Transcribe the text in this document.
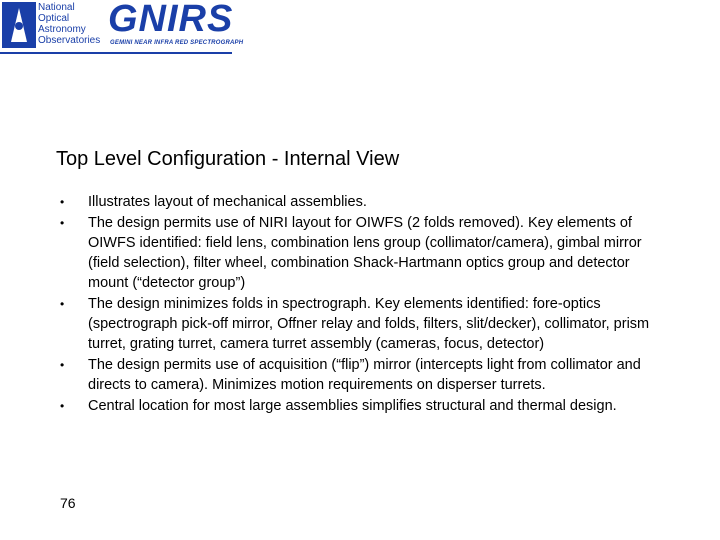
National
Optical
Astronomy
Observatories
GNIRS
GEMINI NEAR INFRA RED SPECTROGRAPH
Top Level Configuration - Internal View
• Illustrates layout of mechanical assemblies.
• The design permits use of NIRI layout for OIWFS (2 folds removed). Key elements of OIWFS identified: field lens, combination lens group (collimator/camera), gimbal mirror (field selection), filter wheel, combination Shack-Hartmann optics group and detector mount (“detector group”)
• The design minimizes folds in spectrograph. Key elements identified: fore-optics (spectrograph pick-off mirror, Offner relay and folds, filters, slit/decker), collimator, prism turret, grating turret, camera turret assembly (cameras, focus, detector)
• The design permits use of acquisition (“flip”) mirror (intercepts light from collimator and directs to camera). Minimizes motion requirements on disperser turrets.
• Central location for most large assemblies simplifies structural and thermal design.
76
